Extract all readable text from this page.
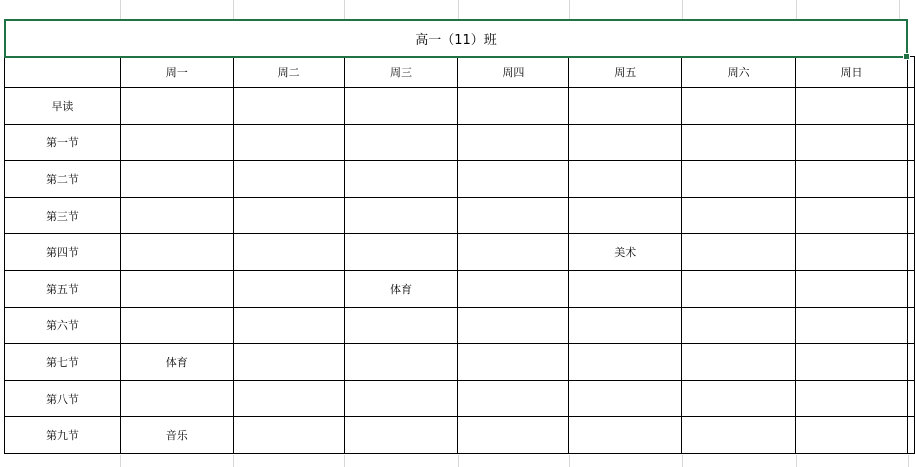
高一（11）班
	周一	周二	周三	周四	周五	周六	周日	
早读								
第一节								
第二节								
第三节								
第四节					美术			
第五节			体育					
第六节								
第七节	体育							
第八节								
第九节	音乐							
